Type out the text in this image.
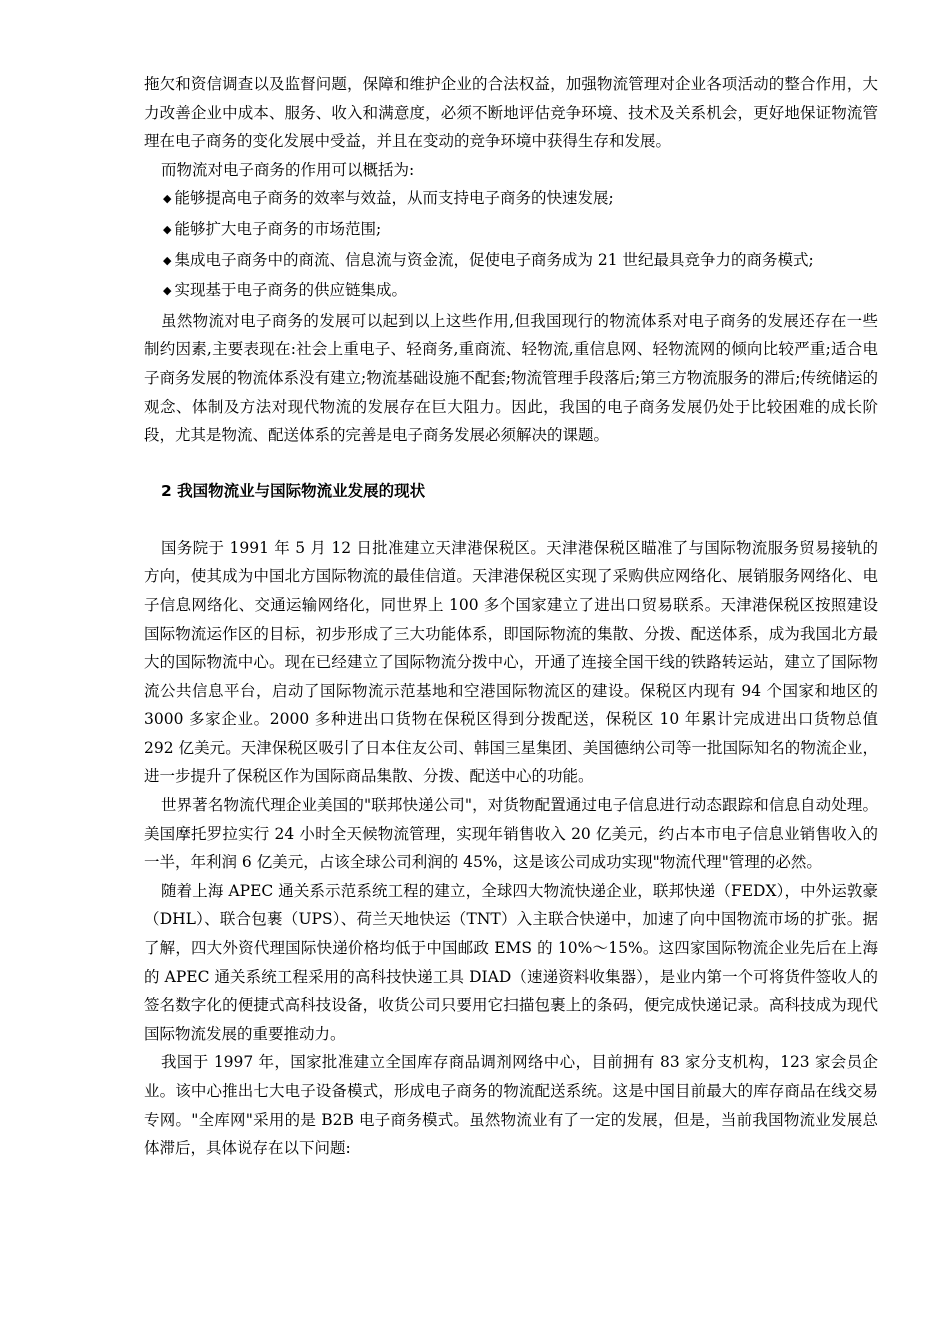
拖欠和资信调查以及监督问题，保障和维护企业的合法权益，加强物流管理对企业各项活动的整合作用，大力改善企业中成本、服务、收入和满意度，必须不断地评估竞争环境、技术及关系机会，更好地保证物流管理在电子商务的变化发展中受益，并且在变动的竞争环境中获得生存和发展。

而物流对电子商务的作用可以概括为:

◆ 能够提高电子商务的效率与效益，从而支持电子商务的快速发展;

◆ 能够扩大电子商务的市场范围;

◆ 集成电子商务中的商流、信息流与资金流，促使电子商务成为 21 世纪最具竞争力的商务模式;

◆ 实现基于电子商务的供应链集成。

虽然物流对电子商务的发展可以起到以上这些作用,但我国现行的物流体系对电子商务的发展还存在一些制约因素,主要表现在:社会上重电子、轻商务,重商流、轻物流,重信息网、轻物流网的倾向比较严重;适合电子商务发展的物流体系没有建立;物流基础设施不配套;物流管理手段落后;第三方物流服务的滞后;传统储运的观念、体制及方法对现代物流的发展存在巨大阻力。因此，我国的电子商务发展仍处于比较困难的成长阶段，尤其是物流、配送体系的完善是电子商务发展必须解决的课题。

2 我国物流业与国际物流业发展的现状

国务院于 1991 年 5 月 12 日批准建立天津港保税区。天津港保税区瞄准了与国际物流服务贸易接轨的方向，使其成为中国北方国际物流的最佳信道。天津港保税区实现了采购供应网络化、展销服务网络化、电子信息网络化、交通运输网络化，同世界上 100 多个国家建立了进出口贸易联系。天津港保税区按照建设国际物流运作区的目标，初步形成了三大功能体系，即国际物流的集散、分拨、配送体系，成为我国北方最大的国际物流中心。现在已经建立了国际物流分拨中心，开通了连接全国干线的铁路转运站，建立了国际物流公共信息平台，启动了国际物流示范基地和空港国际物流区的建设。保税区内现有 94 个国家和地区的 3000 多家企业。2000 多种进出口货物在保税区得到分拨配送，保税区 10 年累计完成进出口货物总值 292 亿美元。天津保税区吸引了日本住友公司、韩国三星集团、美国德纳公司等一批国际知名的物流企业，进一步提升了保税区作为国际商品集散、分拨、配送中心的功能。

世界著名物流代理企业美国的"联邦快递公司"，对货物配置通过电子信息进行动态跟踪和信息自动处理。美国摩托罗拉实行 24 小时全天候物流管理，实现年销售收入 20 亿美元，约占本市电子信息业销售收入的一半，年利润 6 亿美元，占该全球公司利润的 45%，这是该公司成功实现"物流代理"管理的必然。

随着上海 APEC 通关系示范系统工程的建立，全球四大物流快递企业，联邦快递（FEDX），中外运敦豪（DHL）、联合包裹（UPS）、荷兰天地快运（TNT）入主联合快递中，加速了向中国物流市场的扩张。据了解，四大外资代理国际快递价格均低于中国邮政 EMS 的 10%～15%。这四家国际物流企业先后在上海的 APEC 通关系统工程采用的高科技快递工具 DIAD（速递资料收集器），是业内第一个可将货件签收人的签名数字化的便捷式高科技设备，收货公司只要用它扫描包裹上的条码，便完成快递记录。高科技成为现代国际物流发展的重要推动力。

我国于 1997 年，国家批准建立全国库存商品调剂网络中心，目前拥有 83 家分支机构，123 家会员企业。该中心推出七大电子设备模式，形成电子商务的物流配送系统。这是中国目前最大的库存商品在线交易专网。"全库网"采用的是 B2B 电子商务模式。虽然物流业有了一定的发展，但是，当前我国物流业发展总体滞后，具体说存在以下问题:
